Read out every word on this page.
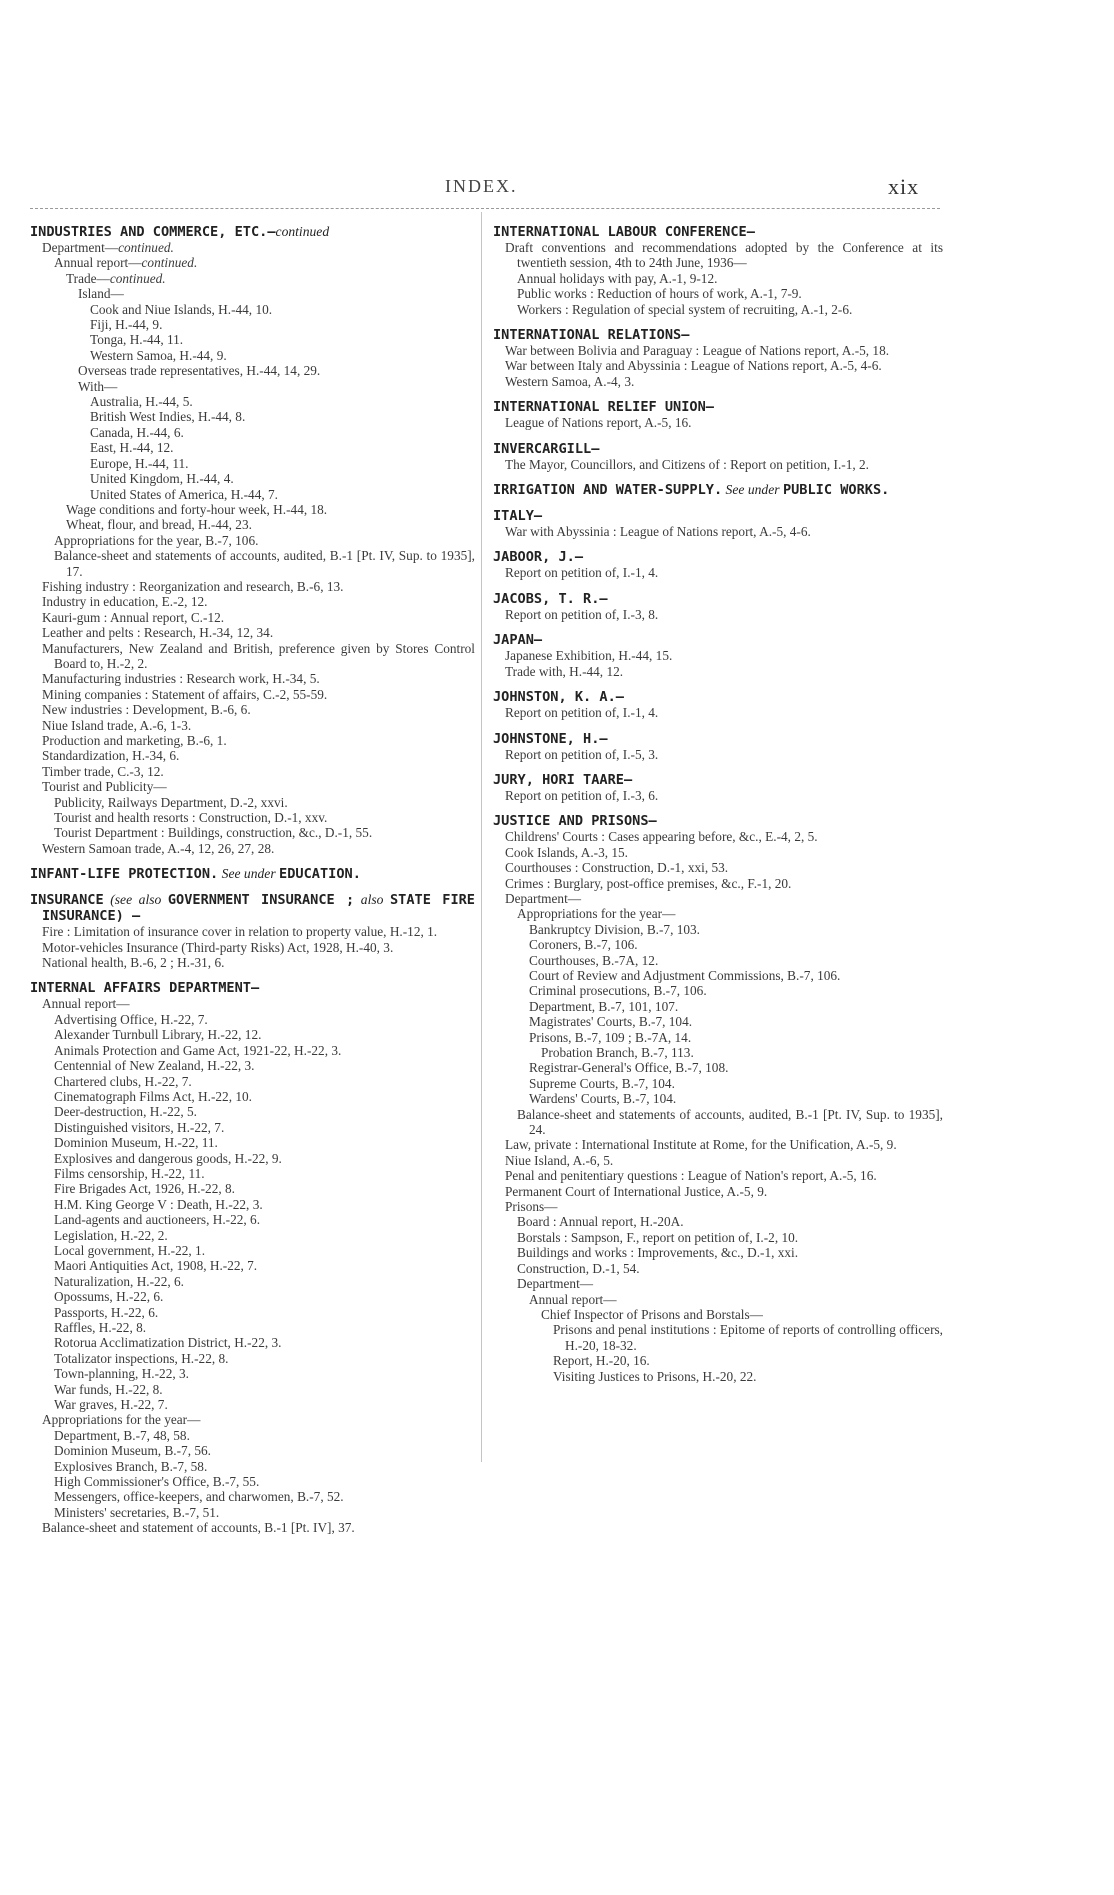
INDEX.	xix
INDUSTRIES AND COMMERCE, ETC.—continued
Department—continued.
Annual report—continued.
Trade—continued.
Island—
Cook and Niue Islands, H.-44, 10.
Fiji, H.-44, 9.
Tonga, H.-44, 11.
Western Samoa, H.-44, 9.
Overseas trade representatives, H.-44, 14, 29.
With—
Australia, H.-44, 5.
British West Indies, H.-44, 8.
Canada, H.-44, 6.
East, H.-44, 12.
Europe, H.-44, 11.
United Kingdom, H.-44, 4.
United States of America, H.-44, 7.
Wage conditions and forty-hour week, H.-44, 18.
Wheat, flour, and bread, H.-44, 23.
Appropriations for the year, B.-7, 106.
Balance-sheet and statements of accounts, audited, B.-1 [Pt. IV, Sup. to 1935], 17.
Fishing industry : Reorganization and research, B.-6, 13.
Industry in education, E.-2, 12.
Kauri-gum : Annual report, C.-12.
Leather and pelts : Research, H.-34, 12, 34.
Manufacturers, New Zealand and British, preference given by Stores Control Board to, H.-2, 2.
Manufacturing industries : Research work, H.-34, 5.
Mining companies : Statement of affairs, C.-2, 55-59.
New industries : Development, B.-6, 6.
Niue Island trade, A.-6, 1-3.
Production and marketing, B.-6, 1.
Standardization, H.-34, 6.
Timber trade, C.-3, 12.
Tourist and Publicity—
Publicity, Railways Department, D.-2, xxvi.
Tourist and health resorts : Construction, D.-1, xxv.
Tourist Department : Buildings, construction, &c., D.-1, 55.
Western Samoan trade, A.-4, 12, 26, 27, 28.
INFANT-LIFE PROTECTION. See under EDUCATION.
INSURANCE (see also GOVERNMENT INSURANCE ; also STATE FIRE INSURANCE) —
Fire : Limitation of insurance cover in relation to property value, H.-12, 1.
Motor-vehicles Insurance (Third-party Risks) Act, 1928, H.-40, 3.
National health, B.-6, 2 ; H.-31, 6.
INTERNAL AFFAIRS DEPARTMENT—
Annual report—
Advertising Office, H.-22, 7.
Alexander Turnbull Library, H.-22, 12.
Animals Protection and Game Act, 1921-22, H.-22, 3.
Centennial of New Zealand, H.-22, 3.
Chartered clubs, H.-22, 7.
Cinematograph Films Act, H.-22, 10.
Deer-destruction, H.-22, 5.
Distinguished visitors, H.-22, 7.
Dominion Museum, H.-22, 11.
Explosives and dangerous goods, H.-22, 9.
Films censorship, H.-22, 11.
Fire Brigades Act, 1926, H.-22, 8.
H.M. King George V : Death, H.-22, 3.
Land-agents and auctioneers, H.-22, 6.
Legislation, H.-22, 2.
Local government, H.-22, 1.
Maori Antiquities Act, 1908, H.-22, 7.
Naturalization, H.-22, 6.
Opossums, H.-22, 6.
Passports, H.-22, 6.
Raffles, H.-22, 8.
Rotorua Acclimatization District, H.-22, 3.
Totalizator inspections, H.-22, 8.
Town-planning, H.-22, 3.
War funds, H.-22, 8.
War graves, H.-22, 7.
Appropriations for the year—
Department, B.-7, 48, 58.
Dominion Museum, B.-7, 56.
Explosives Branch, B.-7, 58.
High Commissioner's Office, B.-7, 55.
Messengers, office-keepers, and charwomen, B.-7, 52.
Ministers' secretaries, B.-7, 51.
Balance-sheet and statement of accounts, B.-1 [Pt. IV], 37.
INTERNATIONAL LABOUR CONFERENCE—
Draft conventions and recommendations adopted by the Conference at its twentieth session, 4th to 24th June, 1936—
Annual holidays with pay, A.-1, 9-12.
Public works : Reduction of hours of work, A.-1, 7-9.
Workers : Regulation of special system of recruiting, A.-1, 2-6.
INTERNATIONAL RELATIONS—
War between Bolivia and Paraguay : League of Nations report, A.-5, 18.
War between Italy and Abyssinia : League of Nations report, A.-5, 4-6.
Western Samoa, A.-4, 3.
INTERNATIONAL RELIEF UNION—
League of Nations report, A.-5, 16.
INVERCARGILL—
The Mayor, Councillors, and Citizens of : Report on petition, I.-1, 2.
IRRIGATION AND WATER-SUPPLY. See under PUBLIC WORKS.
ITALY—
War with Abyssinia : League of Nations report, A.-5, 4-6.
JABOOR, J.—
Report on petition of, I.-1, 4.
JACOBS, T. R.—
Report on petition of, I.-3, 8.
JAPAN—
Japanese Exhibition, H.-44, 15.
Trade with, H.-44, 12.
JOHNSTON, K. A.—
Report on petition of, I.-1, 4.
JOHNSTONE, H.—
Report on petition of, I.-5, 3.
JURY, HORI TAARE—
Report on petition of, I.-3, 6.
JUSTICE AND PRISONS—
Childrens' Courts : Cases appearing before, &c., E.-4, 2, 5.
Cook Islands, A.-3, 15.
Courthouses : Construction, D.-1, xxi, 53.
Crimes : Burglary, post-office premises, &c., F.-1, 20.
Department—
Appropriations for the year—
Bankruptcy Division, B.-7, 103.
Coroners, B.-7, 106.
Courthouses, B.-7A, 12.
Court of Review and Adjustment Commissions, B.-7, 106.
Criminal prosecutions, B.-7, 106.
Department, B.-7, 101, 107.
Magistrates' Courts, B.-7, 104.
Prisons, B.-7, 109 ; B.-7A, 14.
Probation Branch, B.-7, 113.
Registrar-General's Office, B.-7, 108.
Supreme Courts, B.-7, 104.
Wardens' Courts, B.-7, 104.
Balance-sheet and statements of accounts, audited, B.-1 [Pt. IV, Sup. to 1935], 24.
Law, private : International Institute at Rome, for the Unification, A.-5, 9.
Niue Island, A.-6, 5.
Penal and penitentiary questions : League of Nation's report, A.-5, 16.
Permanent Court of International Justice, A.-5, 9.
Prisons—
Board : Annual report, H.-20A.
Borstals : Sampson, F., report on petition of, I.-2, 10.
Buildings and works : Improvements, &c., D.-1, xxi.
Construction, D.-1, 54.
Department—
Annual report—
Chief Inspector of Prisons and Borstals—
Prisons and penal institutions : Epitome of reports of controlling officers, H.-20, 18-32.
Report, H.-20, 16.
Visiting Justices to Prisons, H.-20, 22.
